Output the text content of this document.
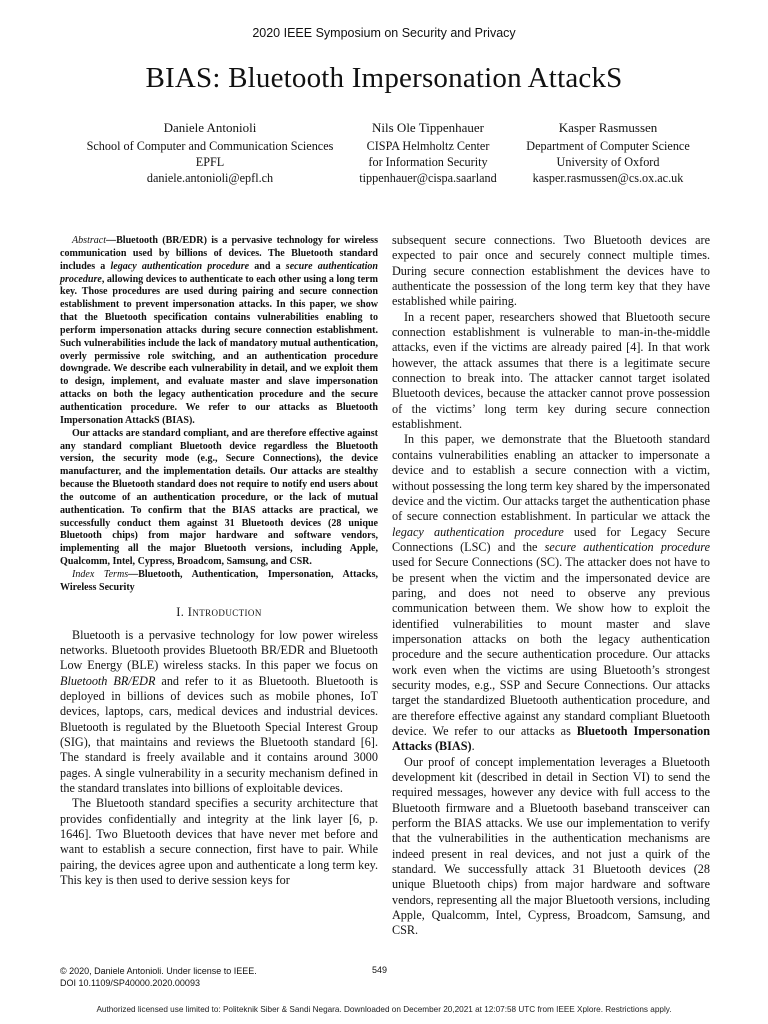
2020 IEEE Symposium on Security and Privacy
BIAS: Bluetooth Impersonation AttackS
Daniele Antonioli
School of Computer and Communication Sciences
EPFL
daniele.antonioli@epfl.ch
Nils Ole Tippenhauer
CISPA Helmholtz Center
for Information Security
tippenhauer@cispa.saarland
Kasper Rasmussen
Department of Computer Science
University of Oxford
kasper.rasmussen@cs.ox.ac.uk

Abstract—Bluetooth (BR/EDR) is a pervasive technology for wireless communication used by billions of devices. The Bluetooth standard includes a legacy authentication procedure and a secure authentication procedure, allowing devices to authenticate to each other using a long term key. Those procedures are used during pairing and secure connection establishment to prevent impersonation attacks. In this paper, we show that the Bluetooth specification contains vulnerabilities enabling to perform impersonation attacks during secure connection establishment. Such vulnerabilities include the lack of mandatory mutual authentication, overly permissive role switching, and an authentication procedure downgrade. We describe each vulnerability in detail, and we exploit them to design, implement, and evaluate master and slave impersonation attacks on both the legacy authentication procedure and the secure authentication procedure. We refer to our attacks as Bluetooth Impersonation AttackS (BIAS).

Our attacks are standard compliant, and are therefore effective against any standard compliant Bluetooth device regardless the Bluetooth version, the security mode (e.g., Secure Connections), the device manufacturer, and the implementation details. Our attacks are stealthy because the Bluetooth standard does not require to notify end users about the outcome of an authentication procedure, or the lack of mutual authentication. To confirm that the BIAS attacks are practical, we successfully conduct them against 31 Bluetooth devices (28 unique Bluetooth chips) from major hardware and software vendors, implementing all the major Bluetooth versions, including Apple, Qualcomm, Intel, Cypress, Broadcom, Samsung, and CSR.

Index Terms—Bluetooth, Authentication, Impersonation, Attacks, Wireless Security

I. Introduction

Bluetooth is a pervasive technology for low power wireless networks. Bluetooth provides Bluetooth BR/EDR and Bluetooth Low Energy (BLE) wireless stacks. In this paper we focus on Bluetooth BR/EDR and refer to it as Bluetooth. Bluetooth is deployed in billions of devices such as mobile phones, IoT devices, laptops, cars, medical devices and industrial devices. Bluetooth is regulated by the Bluetooth Special Interest Group (SIG), that maintains and reviews the Bluetooth standard [6]. The standard is freely available and it contains around 3000 pages. A single vulnerability in a security mechanism defined in the standard translates into billions of exploitable devices.

The Bluetooth standard specifies a security architecture that provides confidentially and integrity at the link layer [6, p. 1646]. Two Bluetooth devices that have never met before and want to establish a secure connection, first have to pair. While pairing, the devices agree upon and authenticate a long term key. This key is then used to derive session keys for

subsequent secure connections. Two Bluetooth devices are expected to pair once and securely connect multiple times. During secure connection establishment the devices have to authenticate the possession of the long term key that they have established while pairing.

In a recent paper, researchers showed that Bluetooth secure connection establishment is vulnerable to man-in-the-middle attacks, even if the victims are already paired [4]. In that work however, the attack assumes that there is a legitimate secure connection to break into. The attacker cannot target isolated Bluetooth devices, because the attacker cannot prove possession of the victims’ long term key during secure connection establishment.

In this paper, we demonstrate that the Bluetooth standard contains vulnerabilities enabling an attacker to impersonate a device and to establish a secure connection with a victim, without possessing the long term key shared by the impersonated device and the victim. Our attacks target the authentication phase of secure connection establishment. In particular we attack the legacy authentication procedure used for Legacy Secure Connections (LSC) and the secure authentication procedure used for Secure Connections (SC). The attacker does not have to be present when the victim and the impersonated device are paring, and does not need to observe any previous communication between them. We show how to exploit the identified vulnerabilities to mount master and slave impersonation attacks on both the legacy authentication procedure and the secure authentication procedure. Our attacks work even when the victims are using Bluetooth’s strongest security modes, e.g., SSP and Secure Connections. Our attacks target the standardized Bluetooth authentication procedure, and are therefore effective against any standard compliant Bluetooth device. We refer to our attacks as Bluetooth Impersonation Attacks (BIAS).

Our proof of concept implementation leverages a Bluetooth development kit (described in detail in Section VI) to send the required messages, however any device with full access to the Bluetooth firmware and a Bluetooth baseband transceiver can perform the BIAS attacks. We use our implementation to verify that the vulnerabilities in the authentication mechanisms are indeed present in real devices, and not just a quirk of the standard. We successfully attack 31 Bluetooth devices (28 unique Bluetooth chips) from major hardware and software vendors, representing all the major Bluetooth versions, including Apple, Qualcomm, Intel, Cypress, Broadcom, Samsung, and CSR.

© 2020, Daniele Antonioli. Under license to IEEE.
DOI 10.1109/SP40000.2020.00093
549
Authorized licensed use limited to: Politeknik Siber & Sandi Negara. Downloaded on December 20,2021 at 12:07:58 UTC from IEEE Xplore. Restrictions apply.
